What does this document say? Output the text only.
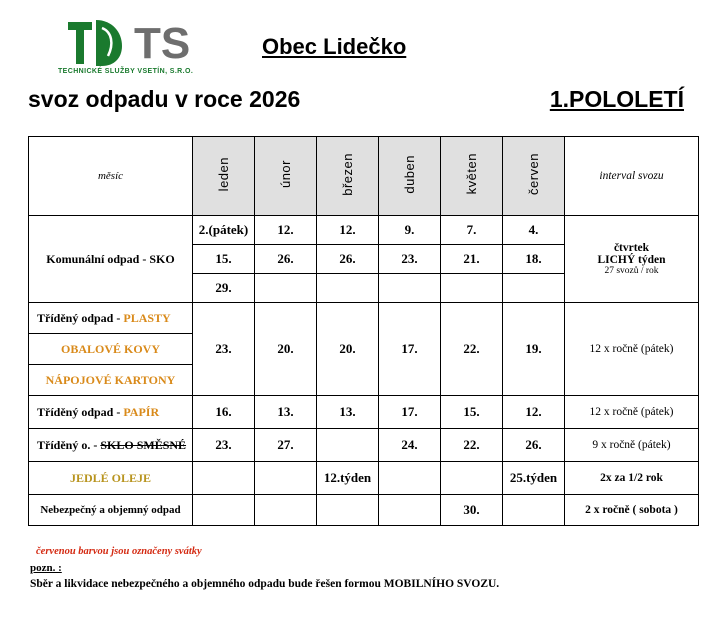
TS
TECHNICKÉ SLUŽBY VSETÍN, S.R.O.
Obec Lidečko
svoz odpadu v roce 2026	1.POLOLETÍ
měsíc	leden	únor	březen	duben	květen	červen	interval svozu
Komunální odpad - SKO	2.(pátek)	12.	12.	9.	7.	4.	čtvrtek
LICHÝ týden
27 svozů / rok

	15.	26.	26.	23.	21.	18.	
	29.						
Tříděný odpad - PLASTY	23.	20.	20.	17.	22.	19.	12 x ročně (pátek)
OBALOVÉ KOVY							
NÁPOJOVÉ KARTONY							
Tříděný odpad - PAPÍR	16.	13.	13.	17.	15.	12.	12 x ročně (pátek)
Tříděný o. - SKLO SMĚSNÉ	23.	27.		24.	22.	26.	9 x ročně (pátek)
JEDLÉ OLEJE			12.týden			25.týden	2x za 1/2 rok
Nebezpečný a objemný odpad					30.		2 x ročně ( sobota )
červenou barvou jsou označeny svátky
pozn. :
Sběr a likvidace nebezpečného a objemného odpadu bude řešen formou MOBILNÍHO SVOZU.
